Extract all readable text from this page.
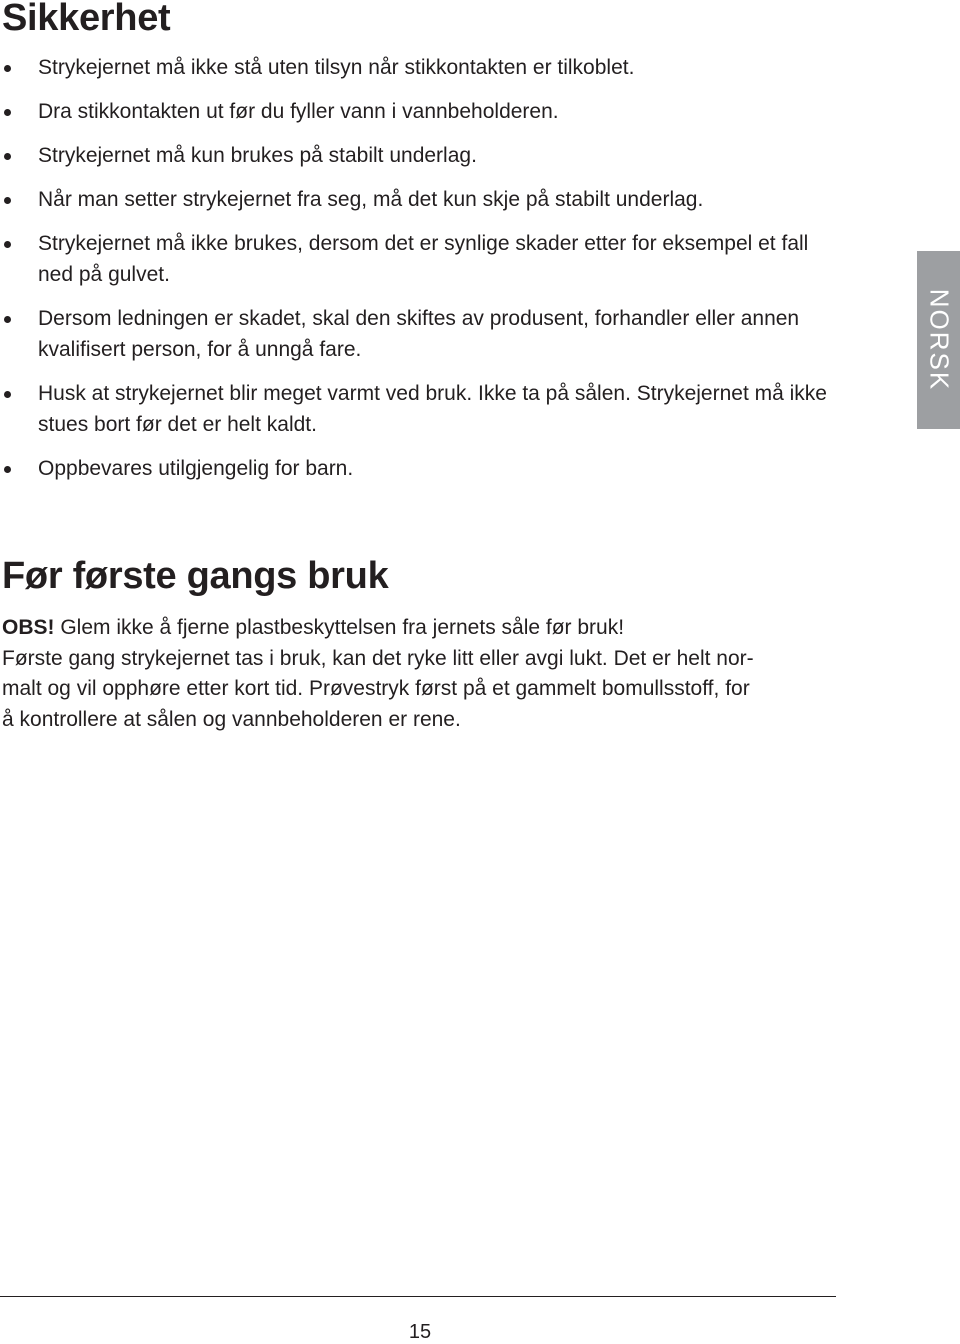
Sikkerhet
Strykejernet må ikke stå uten tilsyn når stikkontakten er tilkoblet.
Dra stikkontakten ut før du fyller vann i vannbeholderen.
Strykejernet må kun brukes på stabilt underlag.
Når man setter strykejernet fra seg, må det kun skje på stabilt underlag.
Strykejernet må ikke brukes, dersom det er synlige skader etter for eksempel et fall ned på gulvet.
Dersom ledningen er skadet, skal den skiftes av produsent, forhandler eller annen kvalifisert person, for å unngå fare.
Husk at strykejernet blir meget varmt ved bruk. Ikke ta på sålen. Strykejernet må ikke stues bort før det er helt kaldt.
Oppbevares utilgjengelig for barn.
Før første gangs bruk
OBS! Glem ikke å fjerne plastbeskyttelsen fra jernets såle før bruk!
Første gang strykejernet tas i bruk, kan det ryke litt eller avgi lukt. Det er helt nor-
malt og vil opphøre etter kort tid. Prøvestryk først på et gammelt bomullsstoff, for
å kontrollere at sålen og vannbeholderen er rene.
NORSK
15
